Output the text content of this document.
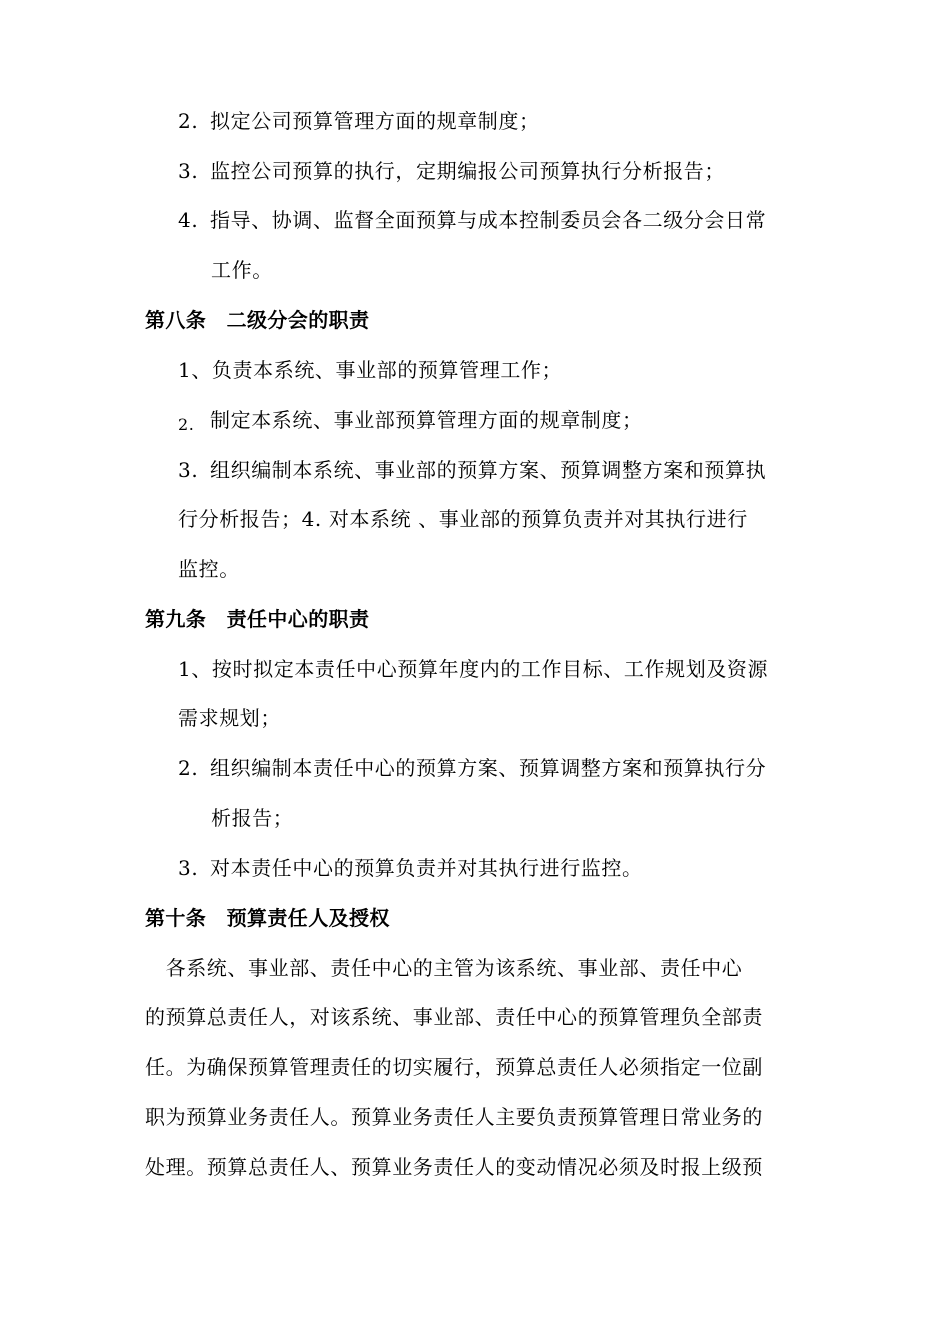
2. 拟定公司预算管理方面的规章制度；
3. 监控公司预算的执行，定期编报公司预算执行分析报告；
4. 指导、协调、监督全面预算与成本控制委员会各二级分会日常
工作。
第八条　二级分会的职责
1、负责本系统、事业部的预算管理工作；
2. 制定本系统、事业部预算管理方面的规章制度；
3. 组织编制本系统、事业部的预算方案、预算调整方案和预算执
行分析报告；4. 对本系统 、事业部的预算负责并对其执行进行
监控。
第九条　责任中心的职责
1、按时拟定本责任中心预算年度内的工作目标、工作规划及资源
需求规划；
2. 组织编制本责任中心的预算方案、预算调整方案和预算执行分
析报告；
3. 对本责任中心的预算负责并对其执行进行监控。
第十条　预算责任人及授权
　各系统、事业部、责任中心的主管为该系统、事业部、责任中心
的预算总责任人，对该系统、事业部、责任中心的预算管理负全部责
任。为确保预算管理责任的切实履行，预算总责任人必须指定一位副
职为预算业务责任人。预算业务责任人主要负责预算管理日常业务的
处理。预算总责任人、预算业务责任人的变动情况必须及时报上级预
